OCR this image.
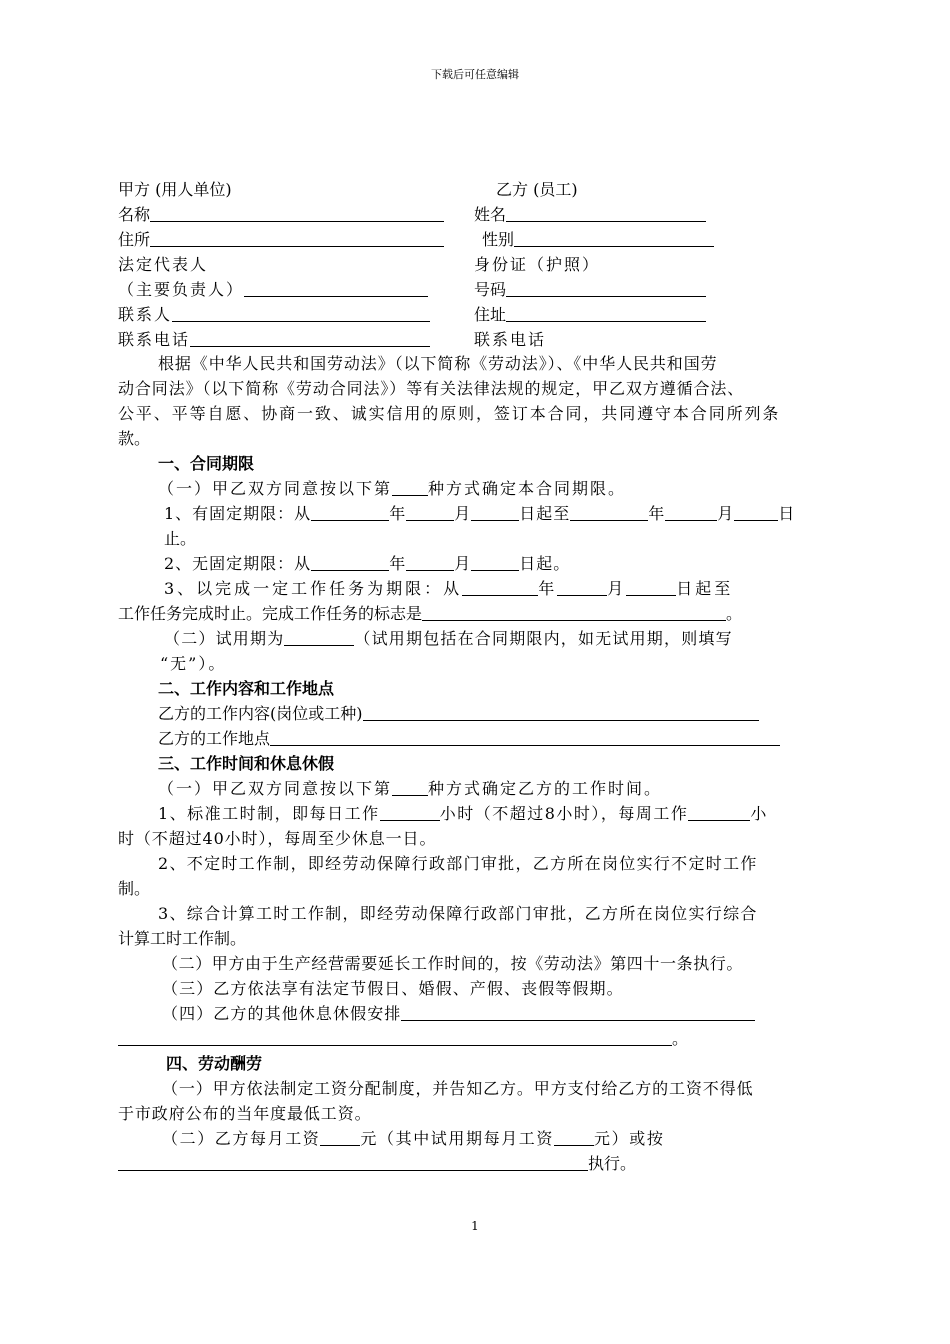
下载后可任意编辑
甲方 (用人单位)	乙方 (员工)
名称	姓名
住所	性别
法定代表人	身份证（护照）
（主要负责人）	号码
联系人	住址
联系电话	联系电话
根据《中华人民共和国劳动法》（以下简称《劳动法》）、《中华人民共和国劳
动合同法》（以下简称《劳动合同法》）等有关法律法规的规定，甲乙双方遵循合法、
公平、平等自愿、协商一致、诚实信用的原则，签订本合同，共同遵守本合同所列条
款。
一、合同期限
（一）甲乙双方同意按以下第 种方式确定本合同期限。
1、有固定期限：从	年	月	日起至	年	月	日
止。
2、无固定期限：从	年	月	日起。
3、以完成一定工作任务为期限：从	年	月	日起至
工作任务完成时止。完成工作任务的标志是	。
（二）试用期为	（试用期包括在合同期限内，如无试用期，则填写
“无”）。
二、工作内容和工作地点
乙方的工作内容(岗位或工种)
乙方的工作地点
三、工作时间和休息休假
（一）甲乙双方同意按以下第 种方式确定乙方的工作时间。
1、标准工时制，即每日工作	小时（不超过8小时），每周工作	小
时（不超过40小时），每周至少休息一日。
2、不定时工作制，即经劳动保障行政部门审批，乙方所在岗位实行不定时工作
制。
3、综合计算工时工作制，即经劳动保障行政部门审批，乙方所在岗位实行综合
计算工时工作制。
（二）甲方由于生产经营需要延长工作时间的，按《劳动法》第四十一条执行。
（三）乙方依法享有法定节假日、婚假、产假、丧假等假期。
（四）乙方的其他休息休假安排
。
四、劳动酬劳
（一）甲方依法制定工资分配制度，并告知乙方。甲方支付给乙方的工资不得低
于市政府公布的当年度最低工资。
（二）乙方每月工资	元（其中试用期每月工资	元）或按
执行。
1
